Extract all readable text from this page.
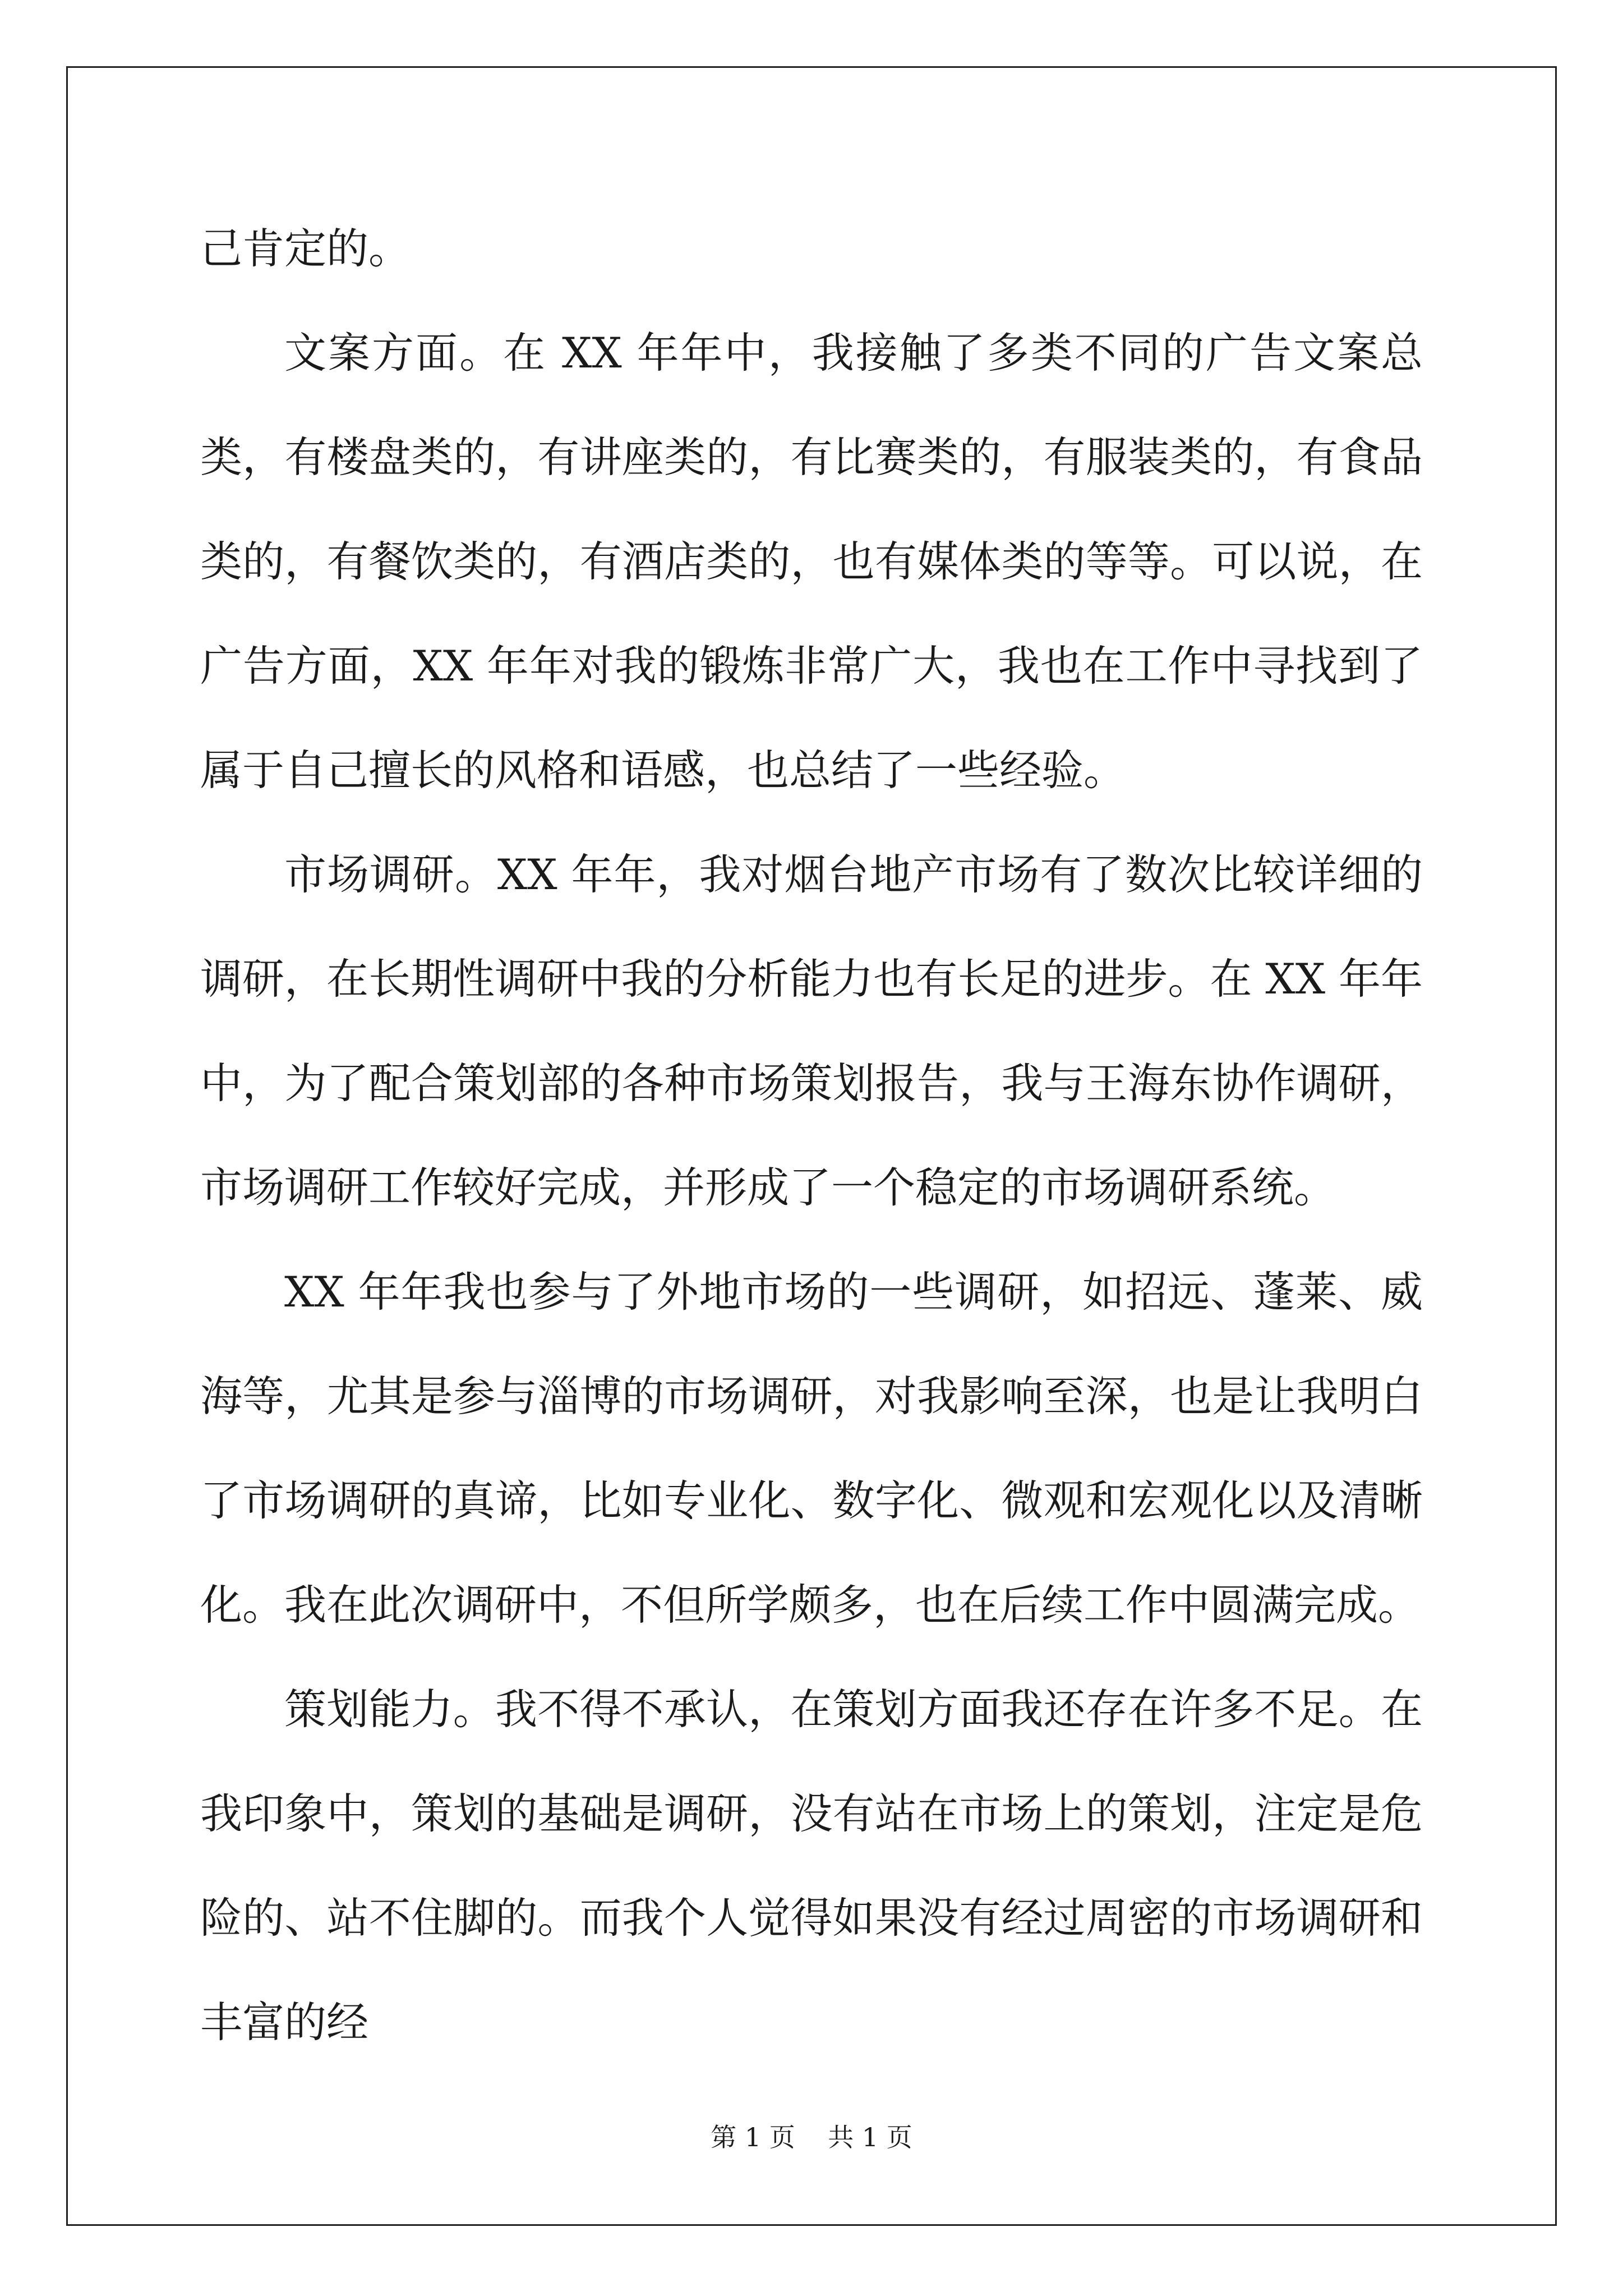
己肯定的。

文案方面。在 XX 年年中，我接触了多类不同的广告文案总类，有楼盘类的，有讲座类的，有比赛类的，有服装类的，有食品类的，有餐饮类的，有酒店类的，也有媒体类的等等。可以说，在广告方面，XX 年年对我的锻炼非常广大，我也在工作中寻找到了属于自己擅长的风格和语感，也总结了一些经验。

市场调研。XX 年年，我对烟台地产市场有了数次比较详细的调研，在长期性调研中我的分析能力也有长足的进步。在 XX 年年中，为了配合策划部的各种市场策划报告，我与王海东协作调研，市场调研工作较好完成，并形成了一个稳定的市场调研系统。

XX 年年我也参与了外地市场的一些调研，如招远、蓬莱、威海等，尤其是参与淄博的市场调研，对我影响至深，也是让我明白了市场调研的真谛，比如专业化、数字化、微观和宏观化以及清晰化。我在此次调研中，不但所学颇多，也在后续工作中圆满完成。

策划能力。我不得不承认，在策划方面我还存在许多不足。在我印象中，策划的基础是调研，没有站在市场上的策划，注定是危险的、站不住脚的。而我个人觉得如果没有经过周密的市场调研和丰富的经

第 1 页    共 1 页
